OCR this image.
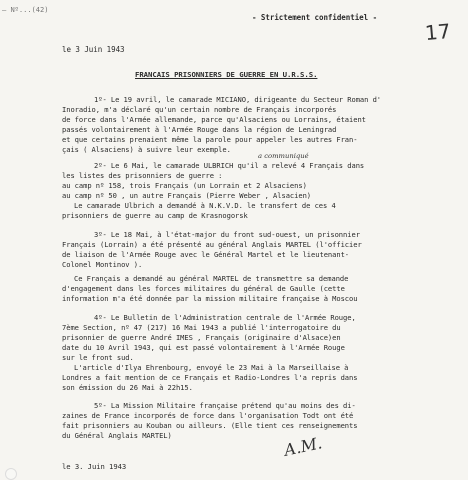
— Nº...(42)
- Strictement confidentiel -
17
le 3 Juin 1943
FRANCAIS PRISONNIERS DE GUERRE EN U.R.S.S.
1º- Le 19 avril, le camarade MICIANO, dirigeante du Secteur Roman d'
Inoradio, m'a déclaré qu'un certain nombre de Français incorporés
de force dans l'Armée allemande, parce qu'Alsaciens ou Lorrains, étaient
passés volontairement à l'Armée Rouge dans la région de Leningrad
et que certains prenaient même la parole pour appeler les autres Fran-
çais ( Alsaciens) à suivre leur exemple.
a communiqué
2º- Le 6 Mai, le camarade ULBRICH qu'il a relevé 4 Français dans
les listes des prisonniers de guerre :
au camp nº 158, trois Français (un Lorrain et 2 Alsaciens)
au camp nº 50 , un autre Français (Pierre Weber , Alsacien)
Le camarade Ulbrich a demandé à N.K.V.D. le transfert de ces 4
prisonniers de guerre au camp de Krasnogorsk
3º- Le 18 Mai, à l'état-major du front sud-ouest, un prisonnier
Français (Lorrain) a été présenté au général Anglais MARTEL (l'officier
de liaison de l'Armée Rouge avec le Général Martel et le lieutenant-
Colonel Montinov ).
Ce Français a demandé au général MARTEL de transmettre sa demande
d'engagement dans les forces militaires du général de Gaulle (cette
information m'a été donnée par la mission militaire française à Moscou
4º- Le Bulletin de l'Administration centrale de l'Armée Rouge,
7ème Section, nº 47 (217) 16 Mai 1943 a publié l'interrogatoire du
prisonnier de guerre André IMES , Français (originaire d'Alsace)en
date du 10 Avril 1943, qui est passé volontairement à l'Armée Rouge
sur le front sud.
L'article d'Ilya Ehrenbourg, envoyé le 23 Mai à la Marseillaise à
Londres a fait mention de ce Français et Radio-Londres l'a repris dans
son émission du 26 Mai à 22h15.
5º- La Mission Militaire française prétend qu'au moins des di-
zaines de France incorporés de force dans l'organisation Todt ont été
fait prisonniers au Kouban ou ailleurs. (Elle tient ces renseignements
du Général Anglais MARTEL)	A.M.
le 3. Juin 1943
